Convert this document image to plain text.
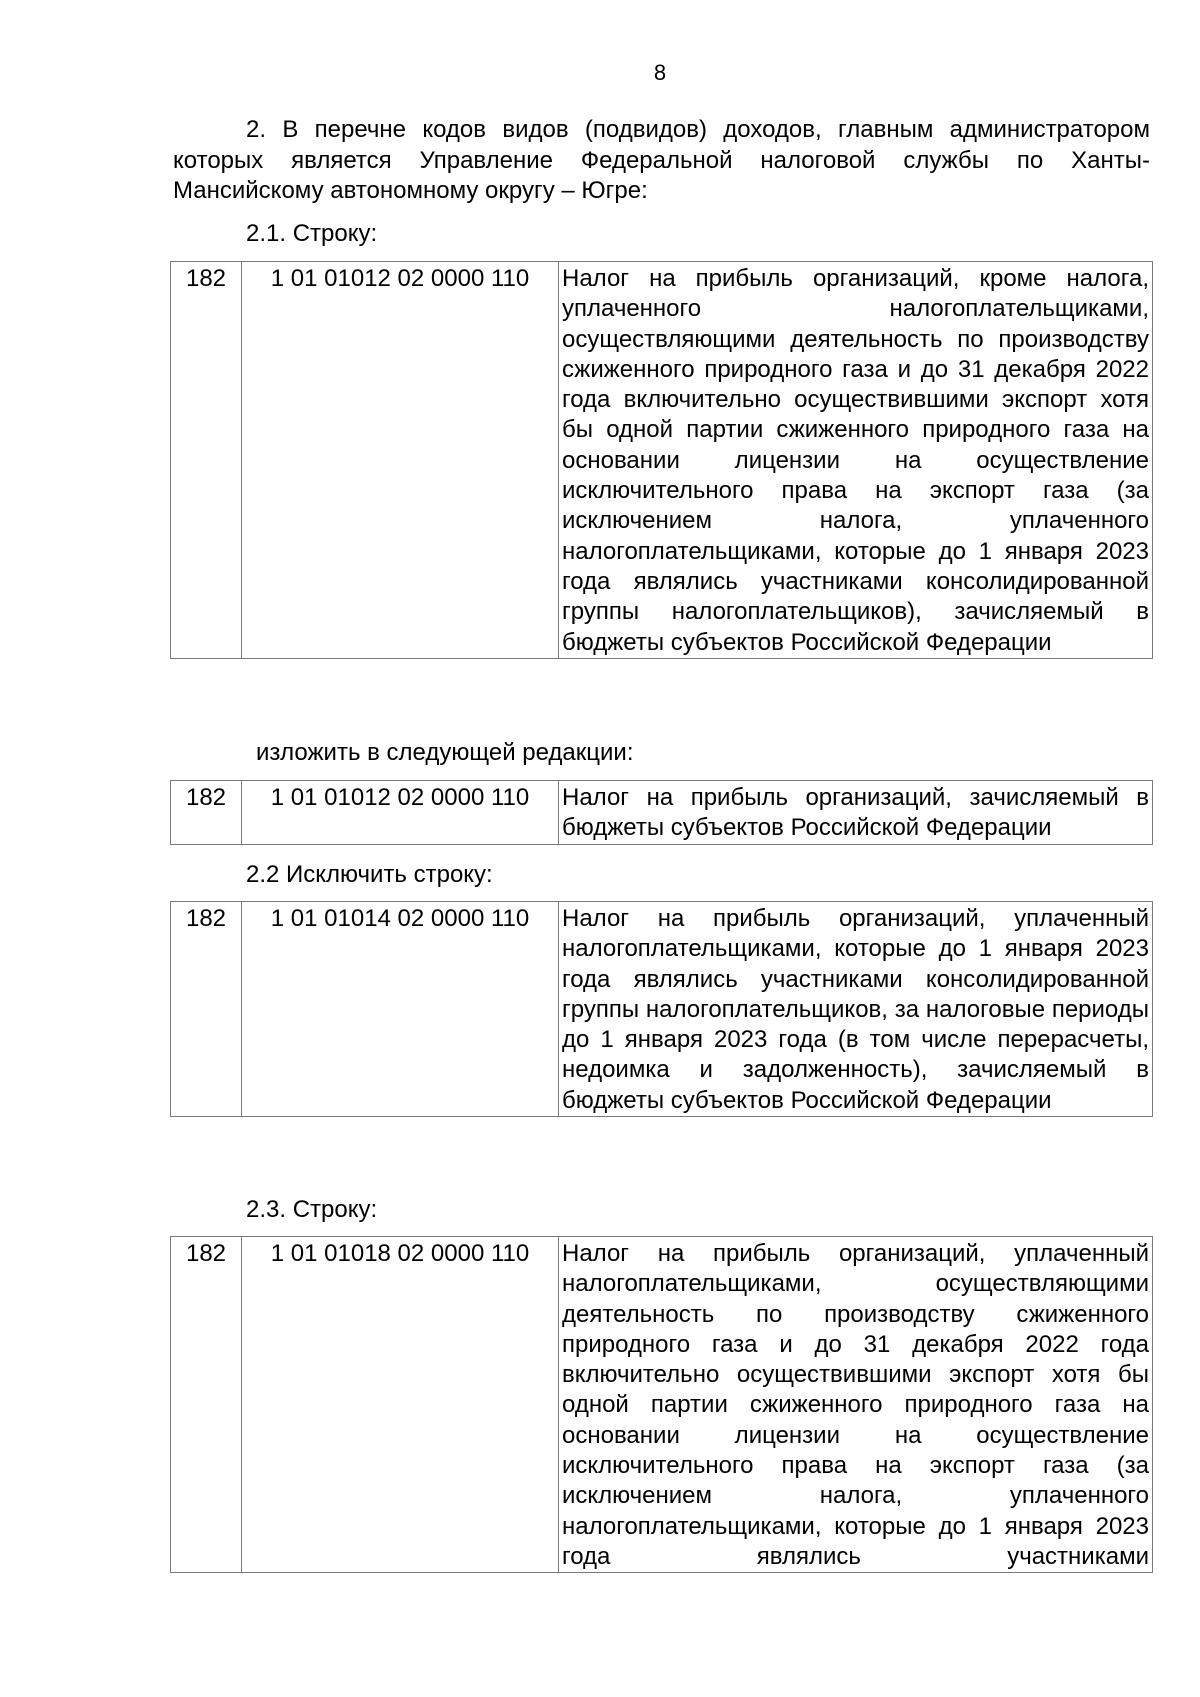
8

2. В перечне кодов видов (подвидов) доходов, главным администратором которых является Управление Федеральной налоговой службы по Ханты-Мансийскому автономному округу – Югре:

2.1. Строку:
182	1 01 01012 02 0000 110	Налог на прибыль организаций, кроме налога, уплаченного налогоплательщиками, осуществляющими деятельность по производству сжиженного природного газа и до 31 декабря 2022 года включительно осуществившими экспорт хотя бы одной партии сжиженного природного газа на основании лицензии на осуществление исключительного права на экспорт газа (за исключением налога, уплаченного налогоплательщиками, которые до 1 января 2023 года являлись участниками консолидированной группы налогоплательщиков), зачисляемый в бюджеты субъектов Российской Федерации
изложить в следующей редакции:
182	1 01 01012 02 0000 110	Налог на прибыль организаций, зачисляемый в бюджеты субъектов Российской Федерации
2.2 Исключить строку:
182	1 01 01014 02 0000 110	Налог на прибыль организаций, уплаченный налогоплательщиками, которые до 1 января 2023 года являлись участниками консолидированной группы налогоплательщиков, за налоговые периоды до 1 января 2023 года (в том числе перерасчеты, недоимка и задолженность), зачисляемый в бюджеты субъектов Российской Федерации
2.3. Строку:
182	1 01 01018 02 0000 110	Налог на прибыль организаций, уплаченный налогоплательщиками, осуществляющими деятельность по производству сжиженного природного газа и до 31 декабря 2022 года включительно осуществившими экспорт хотя бы одной партии сжиженного природного газа на основании лицензии на осуществление исключительного права на экспорт газа (за исключением налога, уплаченного налогоплательщиками, которые до 1 января 2023 года являлись участниками
